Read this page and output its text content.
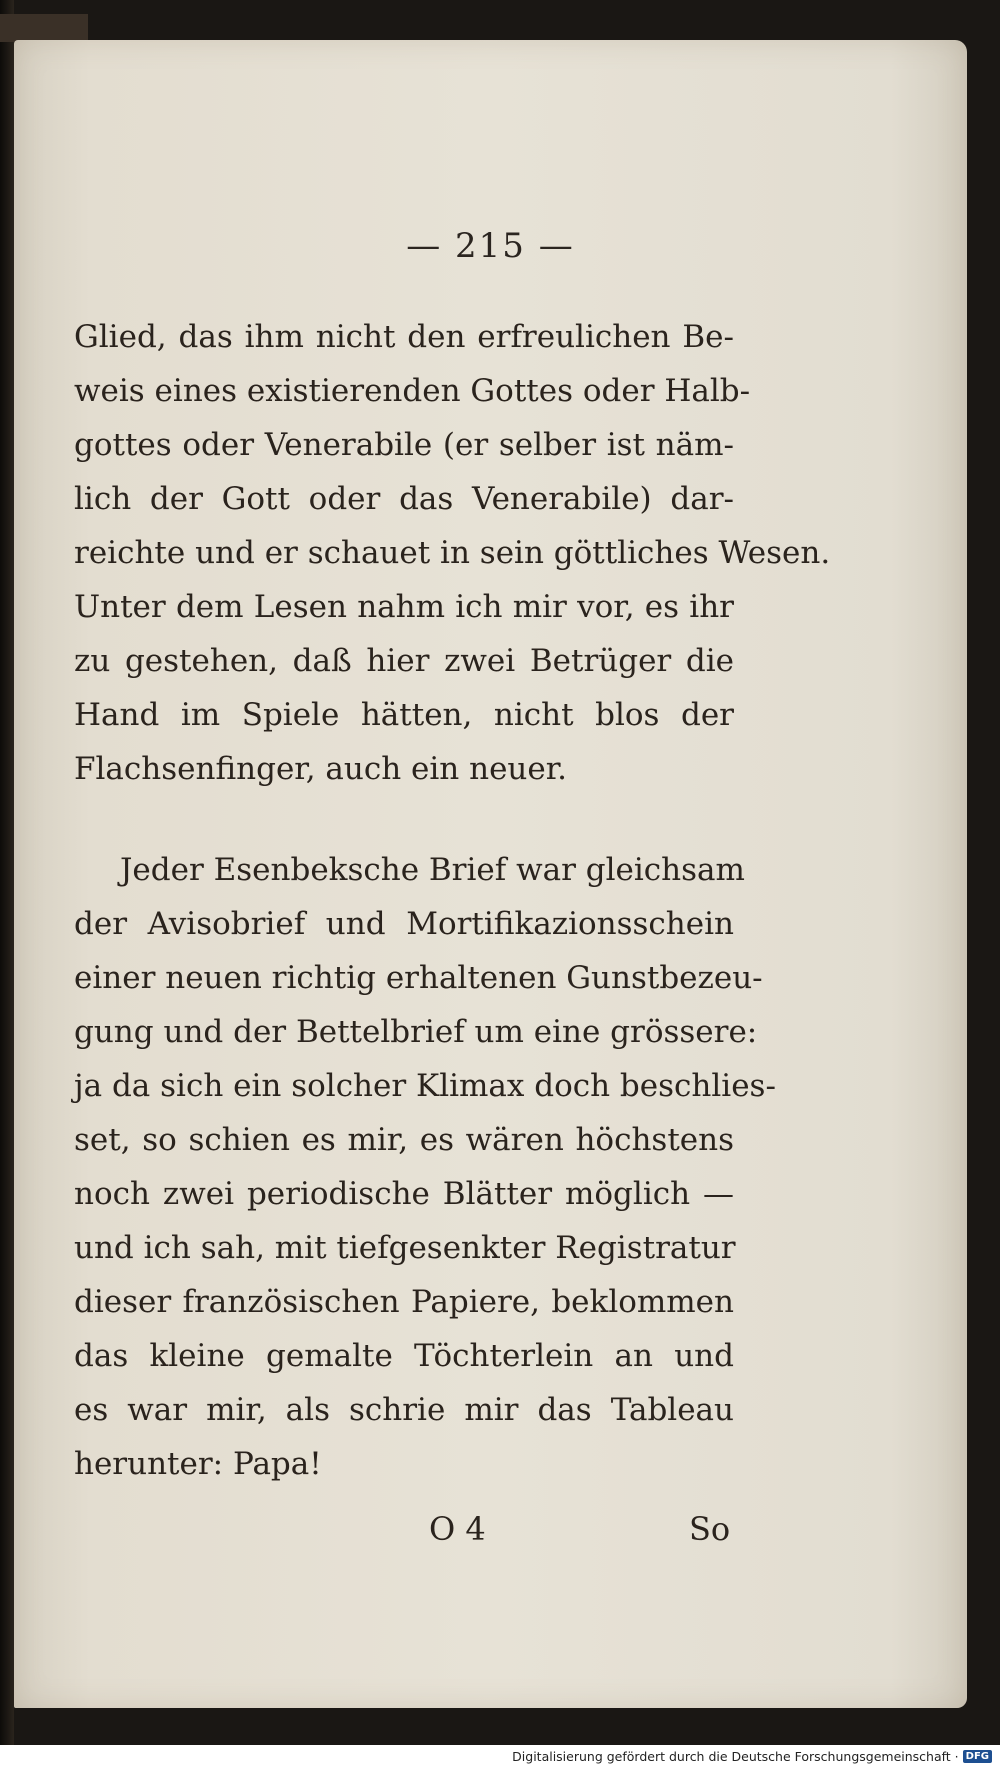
— 215 —
Glied, das ihm nicht den erfreulichen Be-
weis eines existierenden Gottes oder Halb-
gottes oder Venerabile (er selber ist näm-
lich der Gott oder das Venerabile) dar-
reichte und er schauet in sein göttliches Wesen.
Unter dem Lesen nahm ich mir vor, es ihr
zu gestehen, daß hier zwei Betrüger die
Hand im Spiele hätten, nicht blos der
Flachsenfinger, auch ein neuer.
Jeder Esenbeksche Brief war gleichsam
der Avisobrief und Mortifikazionsschein
einer neuen richtig erhaltenen Gunstbezeu-
gung und der Bettelbrief um eine grössere:
ja da sich ein solcher Klimax doch beschlies-
set, so schien es mir, es wären höchstens
noch zwei periodische Blätter möglich —
und ich sah, mit tiefgesenkter Registratur
dieser französischen Papiere, beklommen
das kleine gemalte Töchterlein an und
es war mir, als schrie mir das Tableau
herunter: Papa!
O 4	So
Digitalisierung gefördert durch die Deutsche Forschungsgemeinschaft · DFG
